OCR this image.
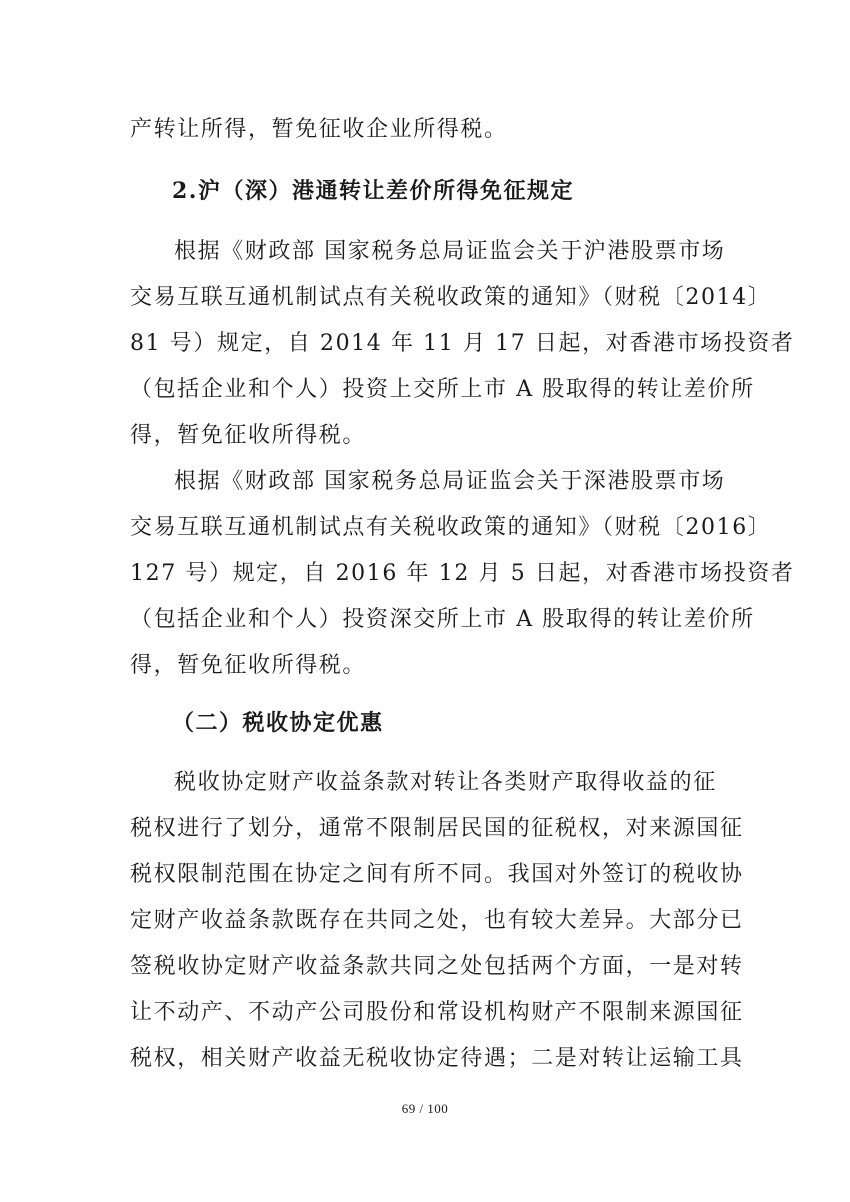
产转让所得，暂免征收企业所得税。
2.沪（深）港通转让差价所得免征规定
根据《财政部 国家税务总局证监会关于沪港股票市场
交易互联互通机制试点有关税收政策的通知》（财税〔2014〕
81 号）规定，自 2014 年 11 月 17 日起，对香港市场投资者
（包括企业和个人）投资上交所上市 A 股取得的转让差价所
得，暂免征收所得税。
根据《财政部 国家税务总局证监会关于深港股票市场
交易互联互通机制试点有关税收政策的通知》（财税〔2016〕
127 号）规定，自 2016 年 12 月 5 日起，对香港市场投资者
（包括企业和个人）投资深交所上市 A 股取得的转让差价所
得，暂免征收所得税。
（二）税收协定优惠
税收协定财产收益条款对转让各类财产取得收益的征
税权进行了划分，通常不限制居民国的征税权，对来源国征
税权限制范围在协定之间有所不同。我国对外签订的税收协
定财产收益条款既存在共同之处，也有较大差异。大部分已
签税收协定财产收益条款共同之处包括两个方面，一是对转
让不动产、不动产公司股份和常设机构财产不限制来源国征
税权，相关财产收益无税收协定待遇；二是对转让运输工具
69 / 100
